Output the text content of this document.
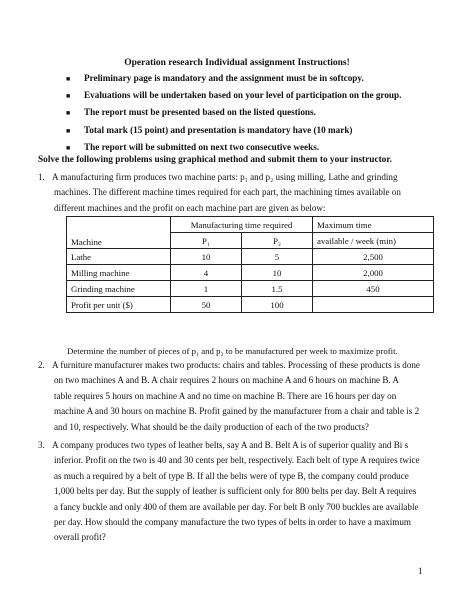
Operation research Individual assignment Instructions!
■	Preliminary page is mandatory and the assignment must be in softcopy.
■	Evaluations will be undertaken based on your level of participation on the group.
■	The report must be presented based on the listed questions.
■	Total mark (15 point) and presentation is mandatory have (10 mark)
■	The report will be submitted on next two consecutive weeks.
Solve the following problems using graphical method and submit them to your instructor.
1. A manufacturing firm produces two machine parts: p₁ and p₂ using milling, Lathe and grinding
machines. The different machine times required for each part, the machining times available on
different machines and the profit on each machine part are given as below:
Machine	Manufacturing time required		Maximum time
	P₁	P₂	available / week (min)
Lathe	10	5	2,500
Milling machine	4	10	2,000
Grinding machine	1	1.5	450
Profit per unit ($)	50	100	
Determine the number of pieces of p₁ and p₂ to be manufactured per week to maximize profit.
2. A furniture manufacturer makes two products: chairs and tables. Processing of these products is done
on two machines A and B. A chair requires 2 hours on machine A and 6 hours on machine B. A
table requires 5 hours on machine A and no time on machine B. There are 16 hours per day on
machine A and 30 hours on machine B. Profit gained by the manufacturer from a chair and table is 2
and 10, respectively. What should be the daily production of each of the two products?
3. A company produces two types of leather belts, say A and B. Belt A is of superior quality and Bi s
inferior. Profit on the two is 40 and 30 cents per belt, respectively. Each belt of type A requires twice
as much a required by a belt of type B. If all the belts were of type B, the company could produce
1,000 belts per day. But the supply of leather is sufficient only for 800 belts per day. Belt A requires
a fancy buckle and only 400 of them are available per day. For belt B only 700 buckles are available
per day. How should the company manufacture the two types of belts in order to have a maximum
overall profit?
1
